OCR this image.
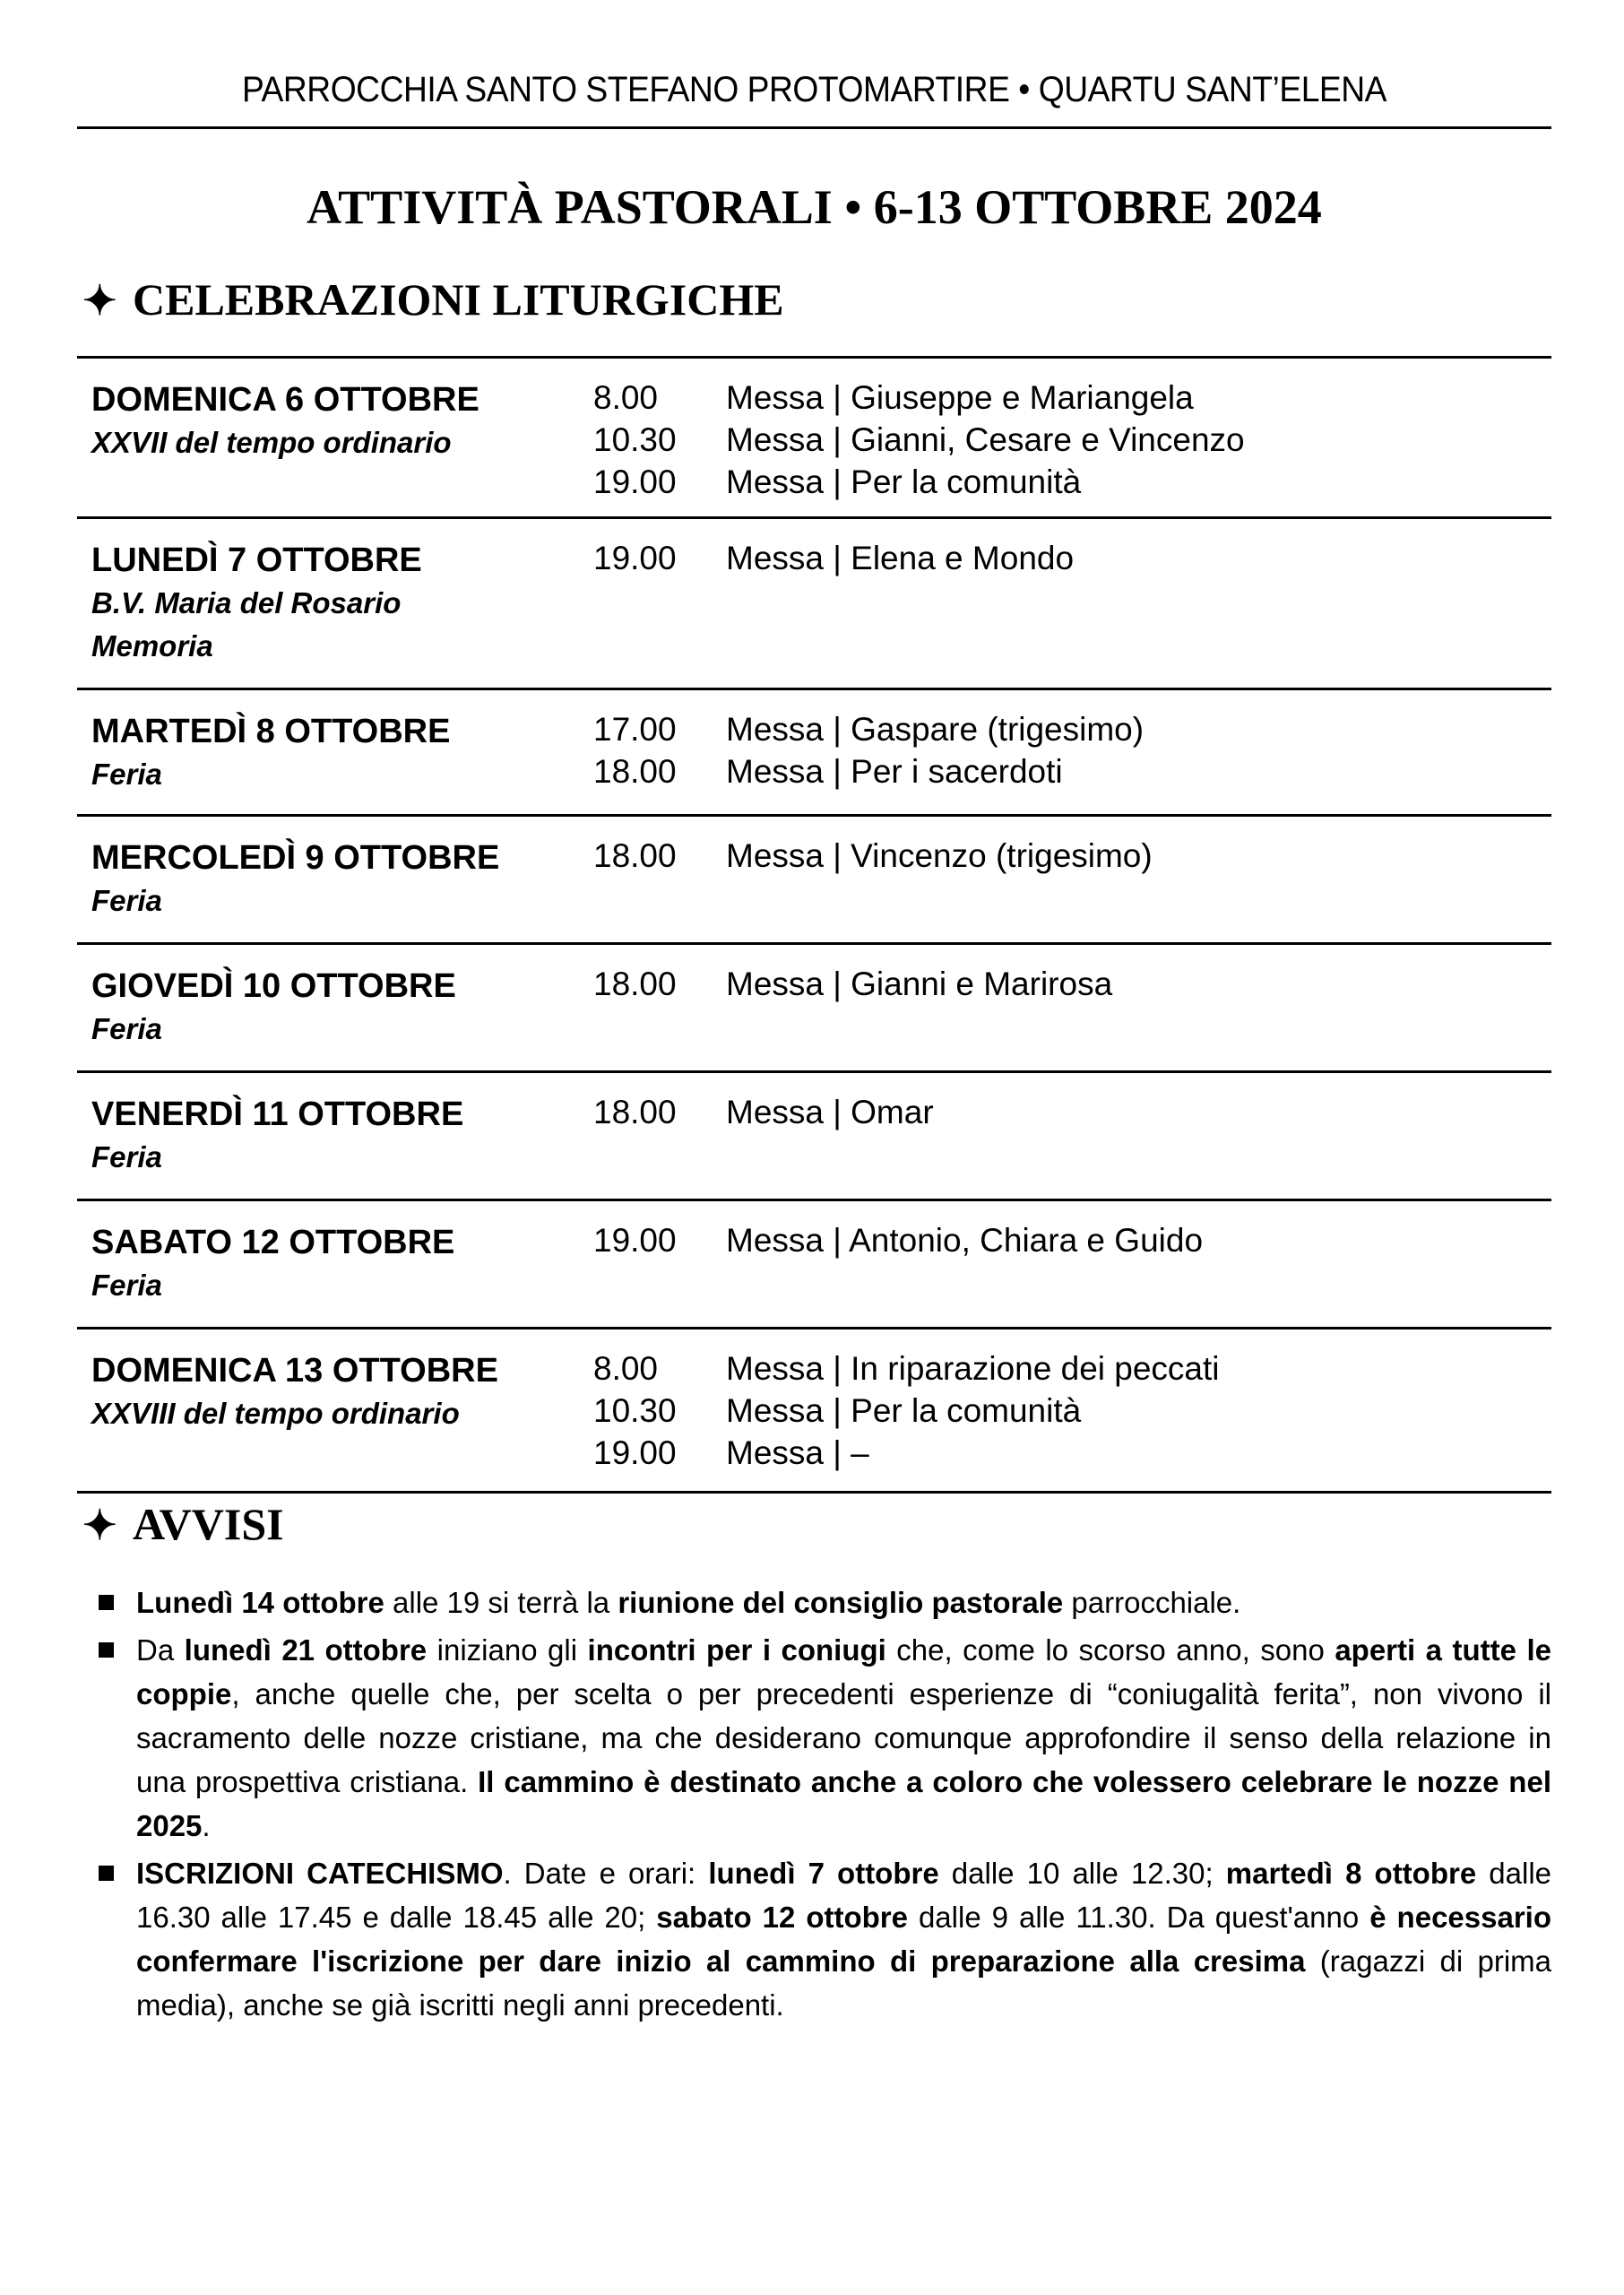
PARROCCHIA SANTO STEFANO PROTOMARTIRE • QUARTU SANT’ELENA
ATTIVITÀ PASTORALI • 6-13 OTTOBRE 2024
✦ CELEBRAZIONI LITURGICHE
DOMENICA 6 OTTOBRE
XXVII del tempo ordinario
8.00 Messa | Giuseppe e Mariangela
10.30 Messa | Gianni, Cesare e Vincenzo
19.00 Messa | Per la comunità
LUNEDÌ 7 OTTOBRE
B.V. Maria del Rosario
Memoria
19.00 Messa | Elena e Mondo
MARTEDÌ 8 OTTOBRE
Feria
17.00 Messa | Gaspare (trigesimo)
18.00 Messa | Per i sacerdoti
MERCOLEDÌ 9 OTTOBRE
Feria
18.00 Messa | Vincenzo (trigesimo)
GIOVEDÌ 10 OTTOBRE
Feria
18.00 Messa | Gianni e Marirosa
VENERDÌ 11 OTTOBRE
Feria
18.00 Messa | Omar
SABATO 12 OTTOBRE
Feria
19.00 Messa | Antonio, Chiara e Guido
DOMENICA 13 OTTOBRE
XXVIII del tempo ordinario
8.00 Messa | In riparazione dei peccati
10.30 Messa | Per la comunità
19.00 Messa | –
✦ AVVISI
Lunedì 14 ottobre alle 19 si terrà la riunione del consiglio pastorale parrocchiale.
Da lunedì 21 ottobre iniziano gli incontri per i coniugi che, come lo scorso anno, sono aperti a tutte le coppie, anche quelle che, per scelta o per precedenti esperienze di “coniugalità ferita”, non vivono il sacramento delle nozze cristiane, ma che desiderano comunque approfondire il senso della relazione in una prospettiva cristiana. Il cammino è destinato anche a coloro che volessero celebrare le nozze nel 2025.
ISCRIZIONI CATECHISMO. Date e orari: lunedì 7 ottobre dalle 10 alle 12.30; martedì 8 ottobre dalle 16.30 alle 17.45 e dalle 18.45 alle 20; sabato 12 ottobre dalle 9 alle 11.30. Da quest'anno è necessario confermare l'iscrizione per dare inizio al cammino di preparazione alla cresima (ragazzi di prima media), anche se già iscritti negli anni precedenti.
